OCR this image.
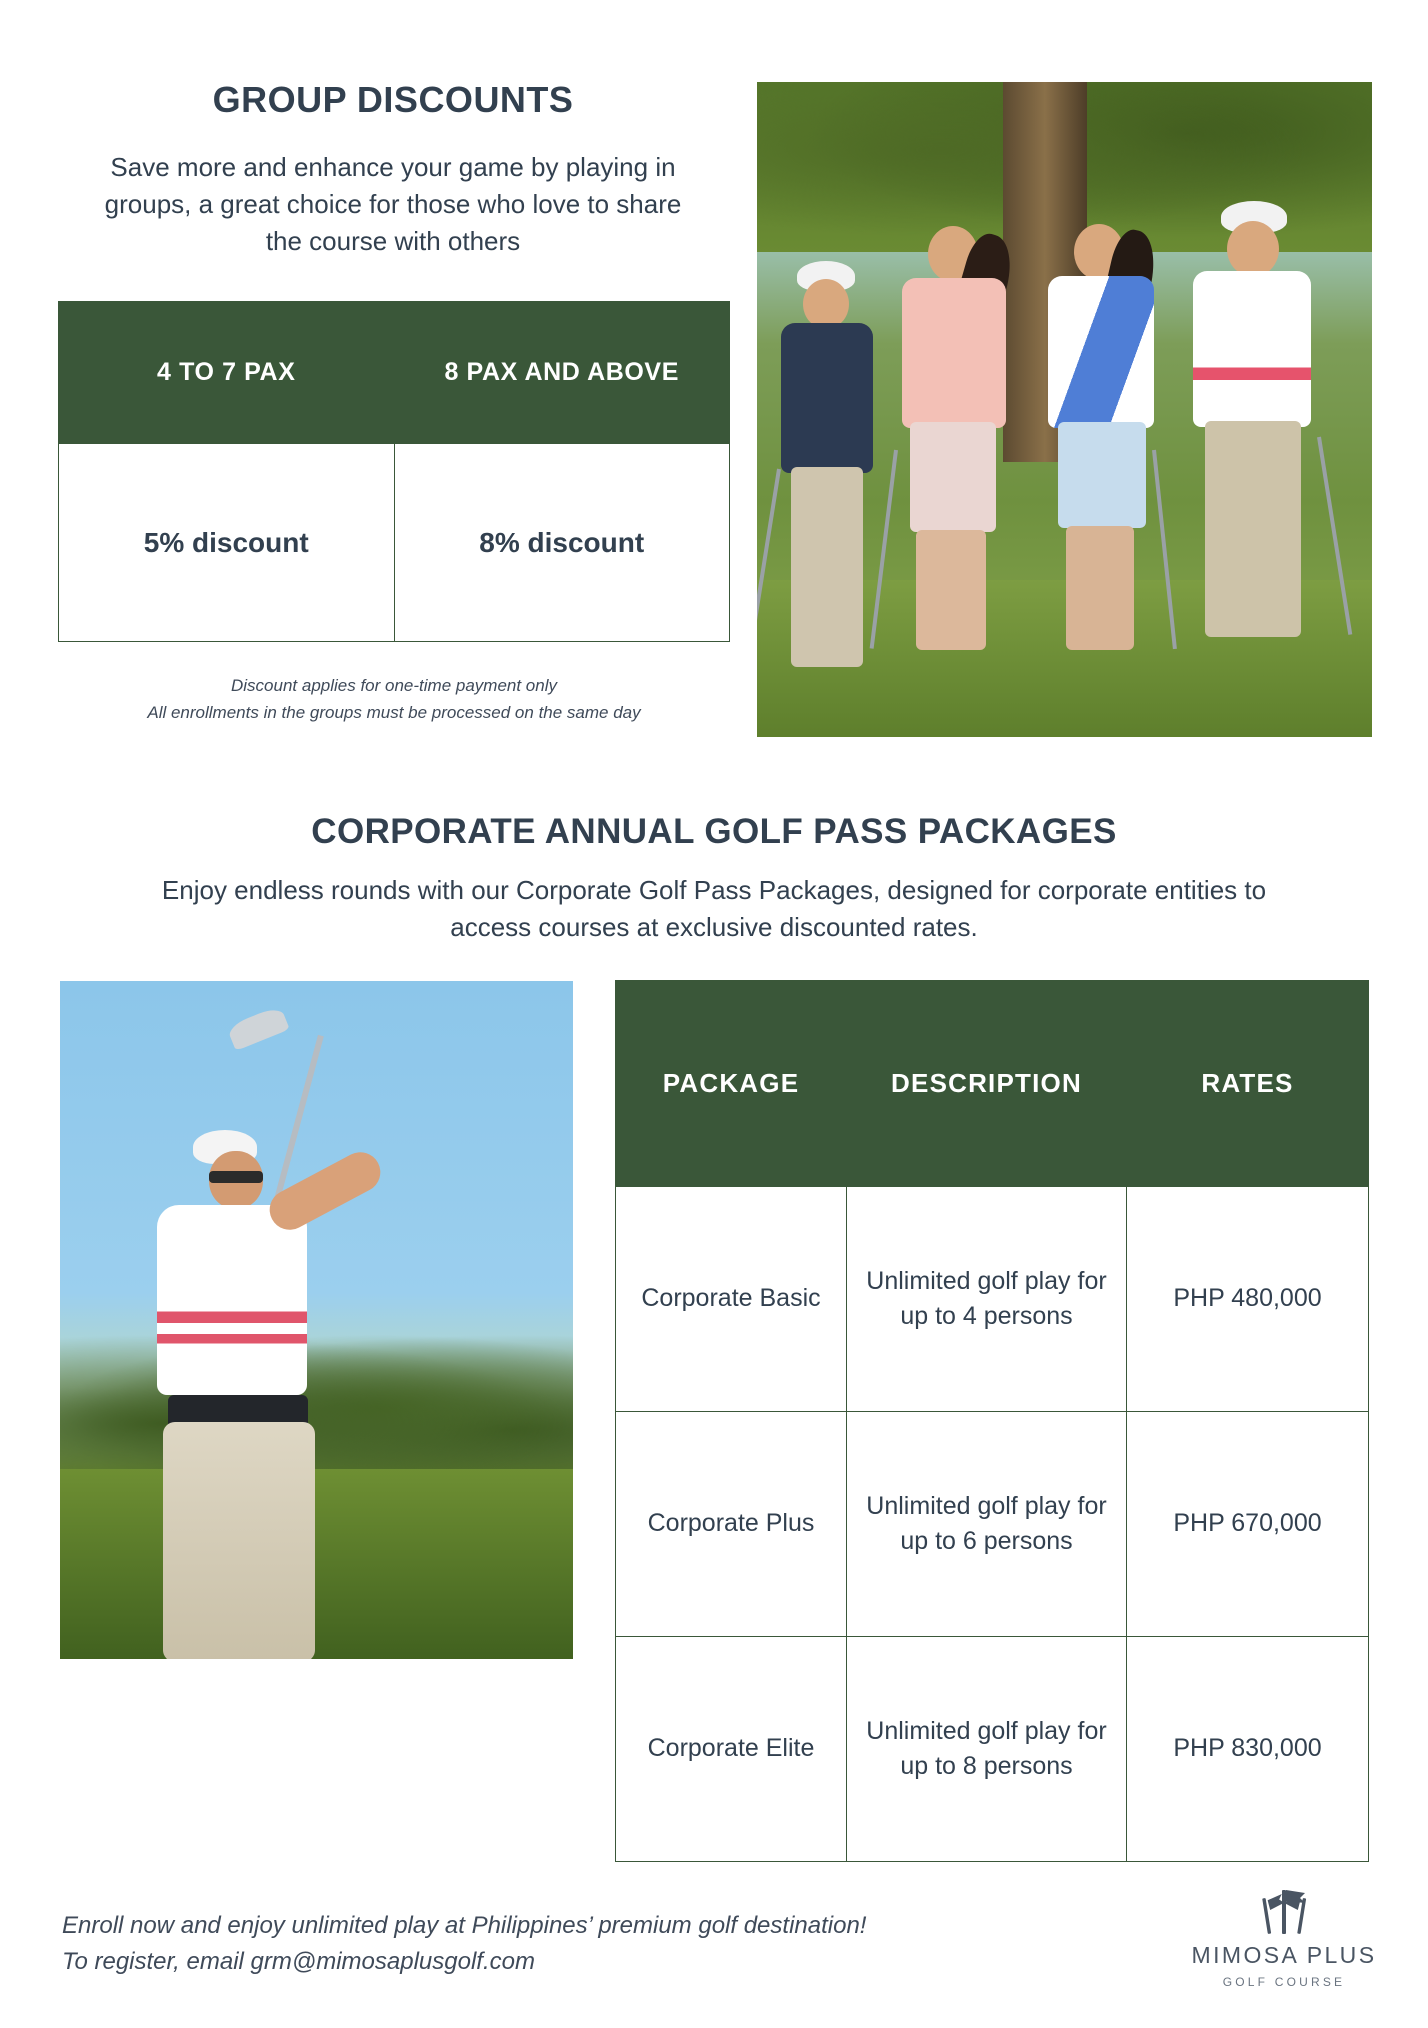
GROUP DISCOUNTS

Save more and enhance your game by playing in groups, a great choice for those who love to share the course with others

4 TO 7 PAX	8 PAX AND ABOVE
5% discount	8% discount
Discount applies for one-time payment only
All enrollments in the groups must be processed on the same day
CORPORATE ANNUAL GOLF PASS PACKAGES

Enjoy endless rounds with our Corporate Golf Pass Packages, designed for corporate entities to access courses at exclusive discounted rates.

PACKAGE	DESCRIPTION	RATES
Corporate Basic	Unlimited golf play for up to 4 persons	PHP 480,000
Corporate Plus	Unlimited golf play for up to 6 persons	PHP 670,000
Corporate Elite	Unlimited golf play for up to 8 persons	PHP 830,000
Enroll now and enjoy unlimited play at Philippines’ premium golf destination!
To register, email grm@mimosaplusgolf.com	MIMOSA PLUS
GOLF COURSE
